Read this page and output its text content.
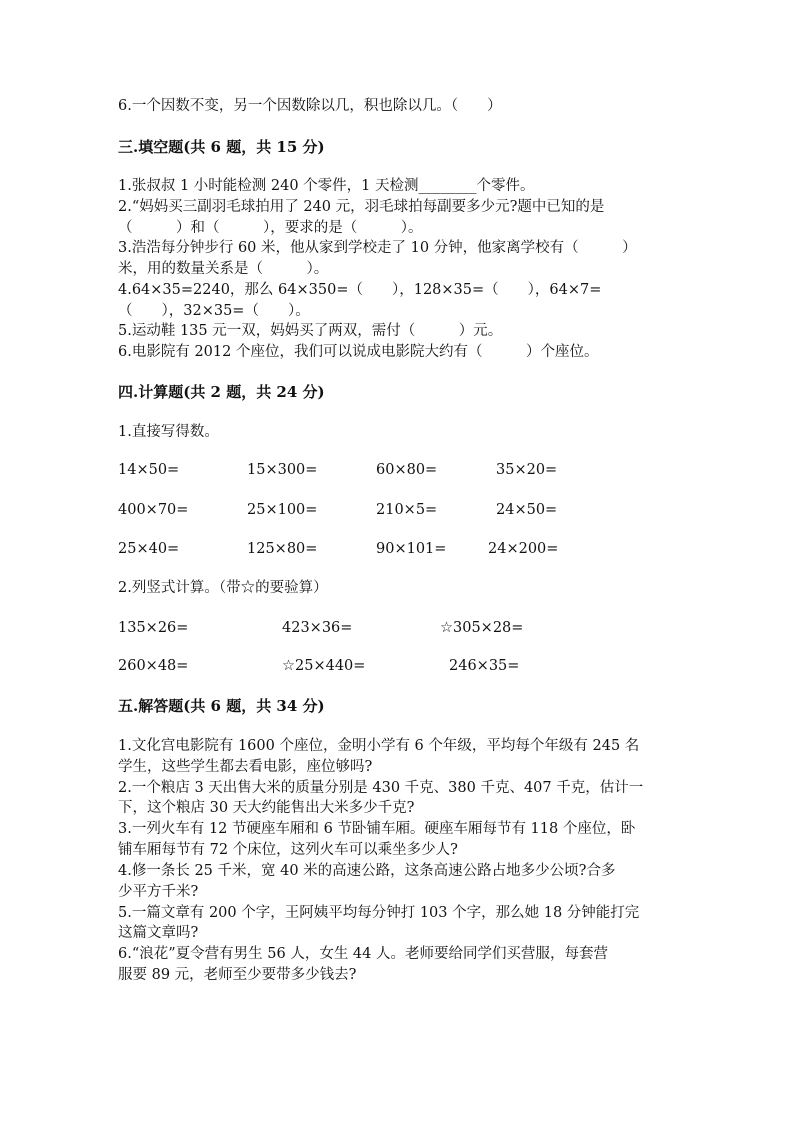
6.一个因数不变，另一个因数除以几，积也除以几。（　　）
三.填空题(共 6 题，共 15 分)
1.张叔叔 1 小时能检测 240 个零件，1 天检测________个零件。
2.“妈妈买三副羽毛球拍用了 240 元，羽毛球拍每副要多少元?题中已知的是
（　　　）和（　　　），要求的是（　　　）。
3.浩浩每分钟步行 60 米，他从家到学校走了 10 分钟，他家离学校有（　　　）
米，用的数量关系是（　　　）。
4.64×35=2240，那么 64×350=（　　），128×35=（　　），64×7=
（　　），32×35=（　　）。
5.运动鞋 135 元一双，妈妈买了两双，需付（　　　）元。
6.电影院有 2012 个座位，我们可以说成电影院大约有（　　　）个座位。
四.计算题(共 2 题，共 24 分)
1.直接写得数。
14×50=	15×300=	60×80=	35×20=
400×70=	25×100=	210×5=	24×50=
25×40=	125×80=	90×101=	24×200=
2.列竖式计算。（带☆的要验算）
135×26=	423×36=	☆305×28=
260×48=	☆25×440=	246×35=
五.解答题(共 6 题，共 34 分)
1.文化宫电影院有 1600 个座位，金明小学有 6 个年级，平均每个年级有 245 名
学生，这些学生都去看电影，座位够吗?
2.一个粮店 3 天出售大米的质量分别是 430 千克、380 千克、407 千克，估计一
下，这个粮店 30 天大约能售出大米多少千克?
3.一列火车有 12 节硬座车厢和 6 节卧铺车厢。硬座车厢每节有 118 个座位，卧
铺车厢每节有 72 个床位，这列火车可以乘坐多少人?
4.修一条长 25 千米，宽 40 米的高速公路，这条高速公路占地多少公顷?合多
少平方千米?
5.一篇文章有 200 个字，王阿姨平均每分钟打 103 个字，那么她 18 分钟能打完
这篇文章吗?
6.“浪花”夏令营有男生 56 人，女生 44 人。老师要给同学们买营服，每套营
服要 89 元，老师至少要带多少钱去?
